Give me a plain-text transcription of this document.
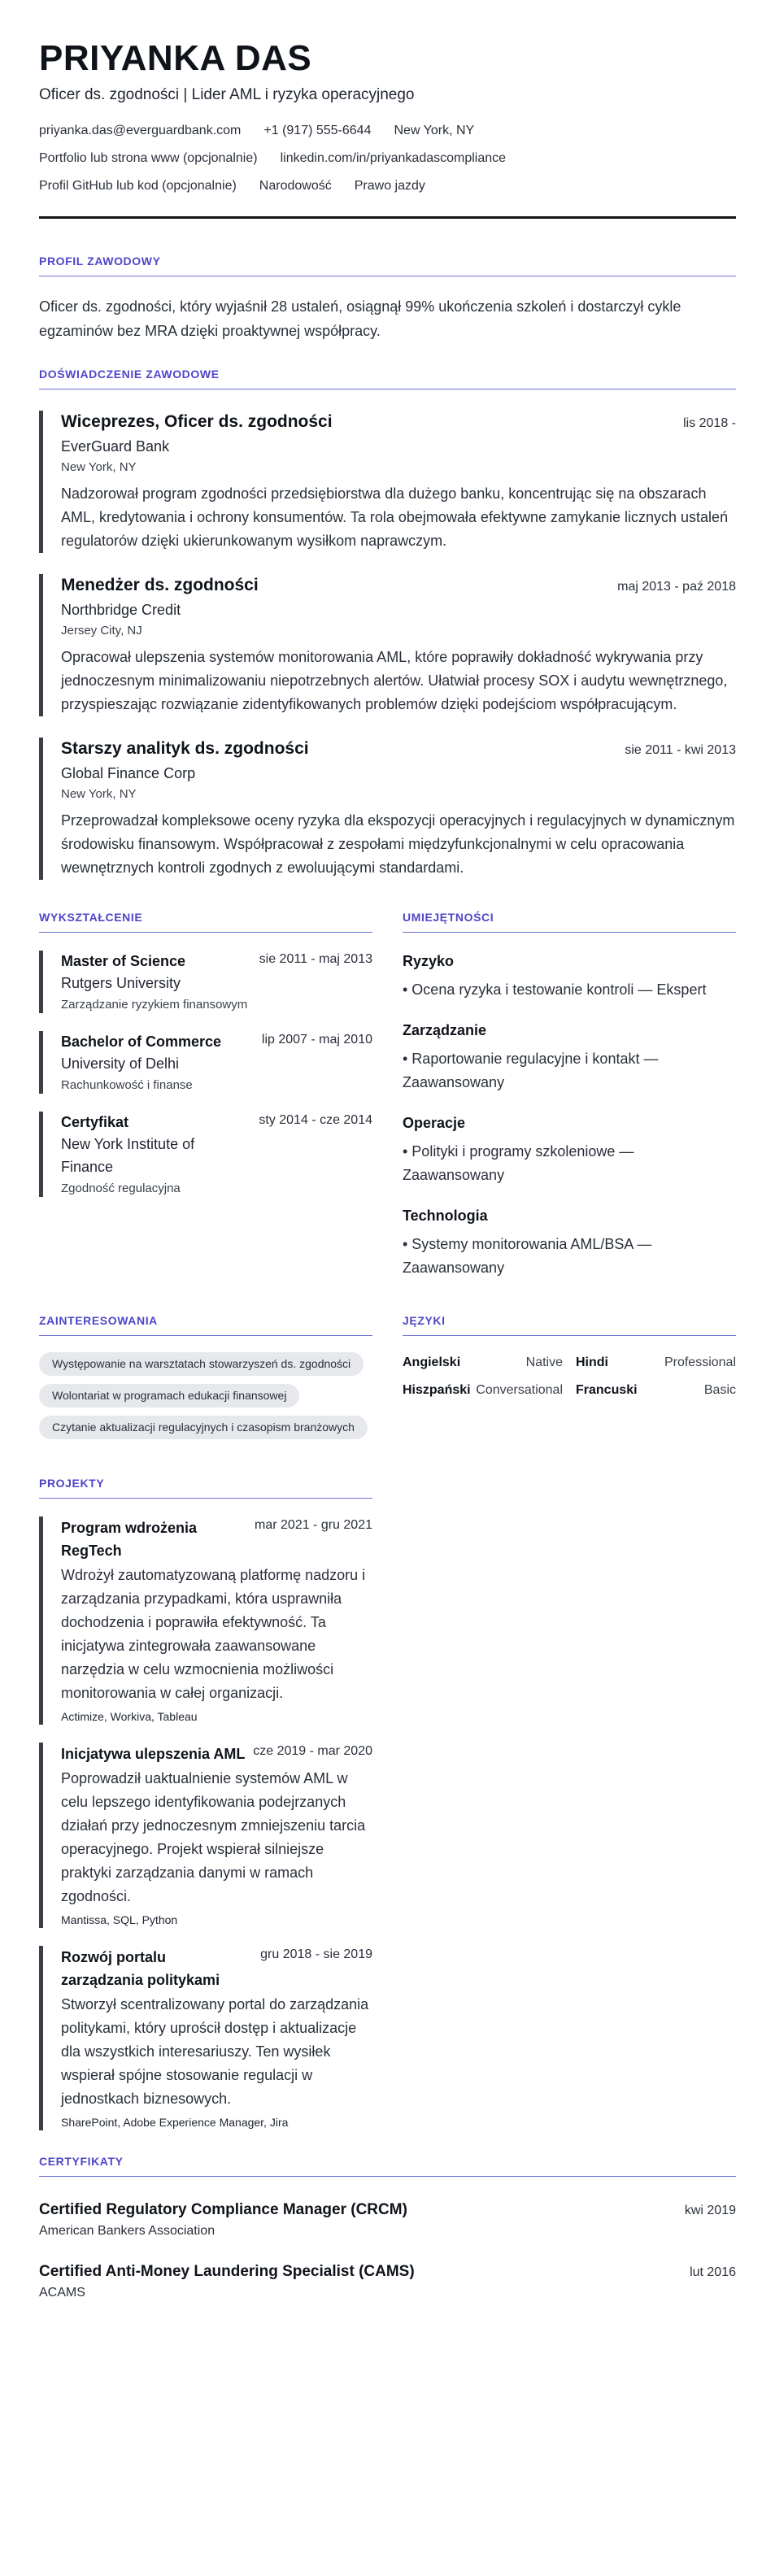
PRIYANKA DAS
Oficer ds. zgodności | Lider AML i ryzyka operacyjnego
priyanka.das@everguardbank.com +1 (917) 555-6644 New York, NY
Portfolio lub strona www (opcjonalnie) linkedin.com/in/priyankadascompliance
Profil GitHub lub kod (opcjonalnie) Narodowość Prawo jazdy
PROFIL ZAWODOWY

Oficer ds. zgodności, który wyjaśnił 28 ustaleń, osiągnął 99% ukończenia szkoleń i dostarczył cykle egzaminów bez MRA dzięki proaktywnej współpracy.

DOŚWIADCZENIE ZAWODOWE
Wiceprezes, Oficer ds. zgodności	lis 2018 -
EverGuard Bank
New York, NY

Nadzorował program zgodności przedsiębiorstwa dla dużego banku, koncentrując się na obszarach AML, kredytowania i ochrony konsumentów. Ta rola obejmowała efektywne zamykanie licznych ustaleń regulatorów dzięki ukierunkowanym wysiłkom naprawczym.

Menedżer ds. zgodności	maj 2013 - paź 2018
Northbridge Credit
Jersey City, NJ

Opracował ulepszenia systemów monitorowania AML, które poprawiły dokładność wykrywania przy jednoczesnym minimalizowaniu niepotrzebnych alertów. Ułatwiał procesy SOX i audytu wewnętrznego, przyspieszając rozwiązanie zidentyfikowanych problemów dzięki podejściom współpracującym.

Starszy analityk ds. zgodności	sie 2011 - kwi 2013
Global Finance Corp
New York, NY

Przeprowadzał kompleksowe oceny ryzyka dla ekspozycji operacyjnych i regulacyjnych w dynamicznym środowisku finansowym. Współpracował z zespołami międzyfunkcjonalnymi w celu opracowania wewnętrznych kontroli zgodnych z ewoluującymi standardami.

WYKSZTAŁCENIE
Master of Science
Rutgers University
Zarządzanie ryzykiem finansowym
sie 2011 - maj 2013
Bachelor of Commerce
University of Delhi
Rachunkowość i finanse
lip 2007 - maj 2010
Certyfikat
New York Institute of Finance
Zgodność regulacyjna
sty 2014 - cze 2014
UMIEJĘTNOŚCI
Ryzyko
• Ocena ryzyka i testowanie kontroli — Ekspert
Zarządzanie
• Raportowanie regulacyjne i kontakt — Zaawansowany
Operacje
• Polityki i programy szkoleniowe — Zaawansowany
Technologia
• Systemy monitorowania AML/BSA — Zaawansowany
ZAINTERESOWANIA
Występowanie na warsztatach stowarzyszeń ds. zgodności
Wolontariat w programach edukacji finansowej
Czytanie aktualizacji regulacyjnych i czasopism branżowych
JĘZYKI
Angielski	Native Hindi	Professional
Hiszpański Conversational Francuski	Basic
PROJEKTY
Program wdrożenia RegTech
mar 2021 - gru 2021

Wdrożył zautomatyzowaną platformę nadzoru i zarządzania przypadkami, która usprawniła dochodzenia i poprawiła efektywność. Ta inicjatywa zintegrowała zaawansowane narzędzia w celu wzmocnienia możliwości monitorowania w całej organizacji.

Actimize, Workiva, Tableau
Inicjatywa ulepszenia AML cze 2019 - mar 2020

Poprowadził uaktualnienie systemów AML w celu lepszego identyfikowania podejrzanych działań przy jednoczesnym zmniejszeniu tarcia operacyjnego. Projekt wspierał silniejsze praktyki zarządzania danymi w ramach zgodności.

Mantissa, SQL, Python
Rozwój portalu zarządzania politykami
gru 2018 - sie 2019

Stworzył scentralizowany portal do zarządzania politykami, który uprościł dostęp i aktualizacje dla wszystkich interesariuszy. Ten wysiłek wspierał spójne stosowanie regulacji w jednostkach biznesowych.

SharePoint, Adobe Experience Manager, Jira
CERTYFIKATY
Certified Regulatory Compliance Manager (CRCM)	kwi 2019
American Bankers Association
Certified Anti-Money Laundering Specialist (CAMS)	lut 2016
ACAMS
